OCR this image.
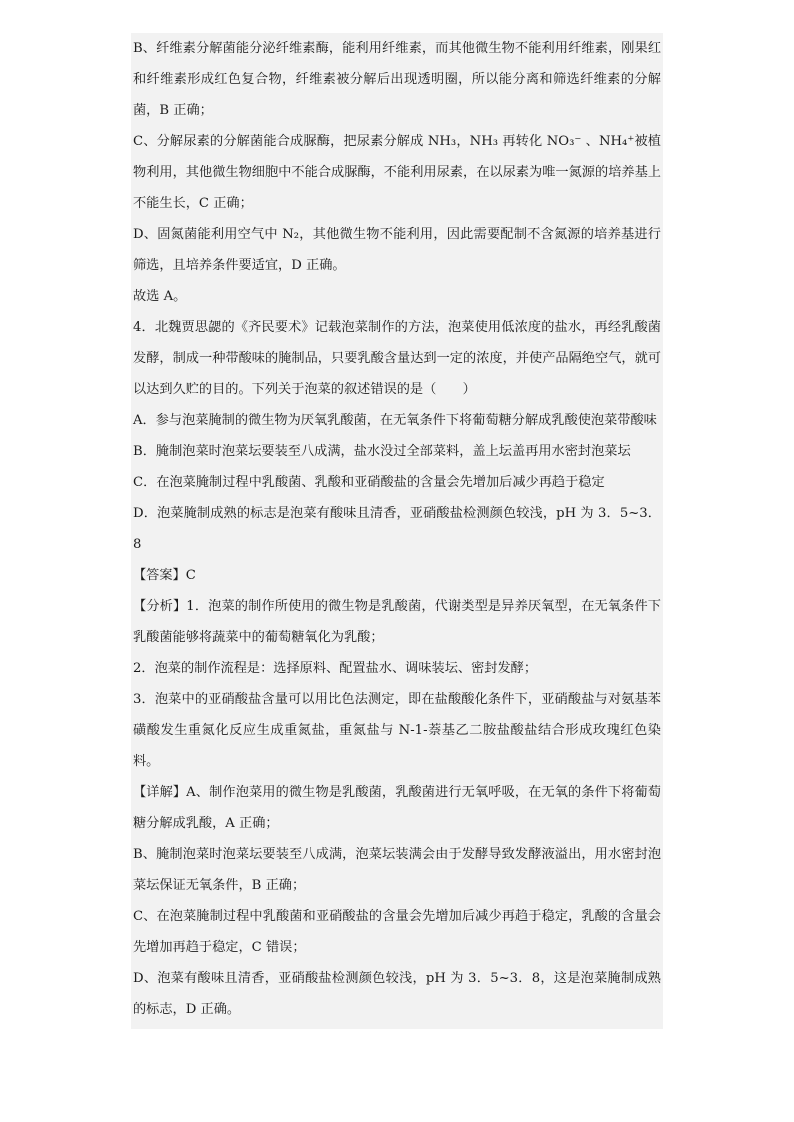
B、纤维素分解菌能分泌纤维素酶，能利用纤维素，而其他微生物不能利用纤维素，刚果红和纤维素形成红色复合物，纤维素被分解后出现透明圈，所以能分离和筛选纤维素的分解菌，B 正确；

C、分解尿素的分解菌能合成脲酶，把尿素分解成 NH₃，NH₃ 再转化 NO₃⁻ 、NH₄⁺被植物利用，其他微生物细胞中不能合成脲酶，不能利用尿素，在以尿素为唯一氮源的培养基上不能生长，C 正确；

D、固氮菌能利用空气中 N₂，其他微生物不能利用，因此需要配制不含氮源的培养基进行筛选，且培养条件要适宜，D 正确。

故选 A。

4．北魏贾思勰的《齐民要术》记载泡菜制作的方法，泡菜使用低浓度的盐水，再经乳酸菌发酵，制成一种带酸味的腌制品，只要乳酸含量达到一定的浓度，并使产品隔绝空气，就可以达到久贮的目的。下列关于泡菜的叙述错误的是（　　）

A．参与泡菜腌制的微生物为厌氧乳酸菌，在无氧条件下将葡萄糖分解成乳酸使泡菜带酸味

B．腌制泡菜时泡菜坛要装至八成满，盐水没过全部菜料，盖上坛盖再用水密封泡菜坛

C．在泡菜腌制过程中乳酸菌、乳酸和亚硝酸盐的含量会先增加后减少再趋于稳定

D．泡菜腌制成熟的标志是泡菜有酸味且清香，亚硝酸盐检测颜色较浅，pH 为 3．5~3．8

【答案】C

【分析】1．泡菜的制作所使用的微生物是乳酸菌，代谢类型是异养厌氧型，在无氧条件下乳酸菌能够将蔬菜中的葡萄糖氧化为乳酸；

2．泡菜的制作流程是：选择原料、配置盐水、调味装坛、密封发酵；

3．泡菜中的亚硝酸盐含量可以用比色法测定，即在盐酸酸化条件下，亚硝酸盐与对氨基苯磺酸发生重氮化反应生成重氮盐，重氮盐与 N-1-萘基乙二胺盐酸盐结合形成玫瑰红色染料。

【详解】A、制作泡菜用的微生物是乳酸菌，乳酸菌进行无氧呼吸，在无氧的条件下将葡萄糖分解成乳酸，A 正确；

B、腌制泡菜时泡菜坛要装至八成满，泡菜坛装满会由于发酵导致发酵液溢出，用水密封泡菜坛保证无氧条件，B 正确；

C、在泡菜腌制过程中乳酸菌和亚硝酸盐的含量会先增加后减少再趋于稳定，乳酸的含量会先增加再趋于稳定，C 错误；

D、泡菜有酸味且清香，亚硝酸盐检测颜色较浅，pH 为 3．5~3．8，这是泡菜腌制成熟的标志，D 正确。
